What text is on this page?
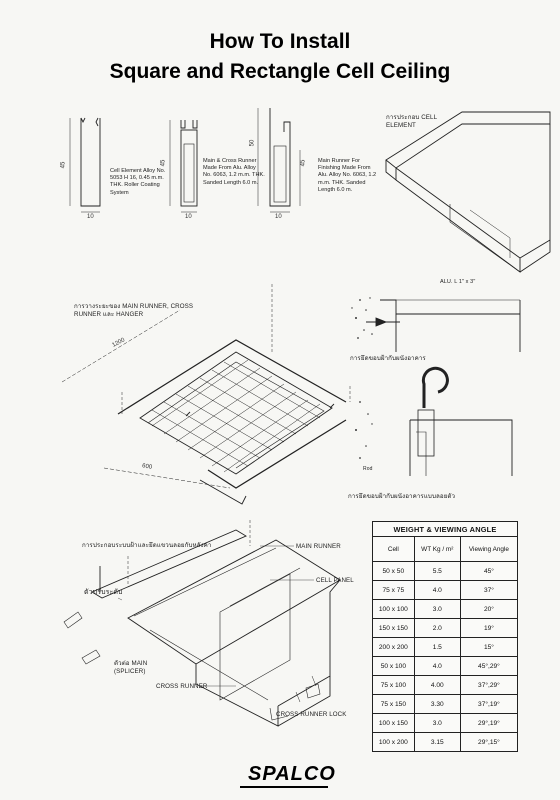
How To Install
Square and Rectangle Cell Ceiling
45
10
Cell Element Alloy No. 5053 H 16, 0.45 m.m. THK. Roller Coating System
45
10
Main & Cross Runner Made From Alu. Alloy No. 6063, 1.2 m.m. THK. Sanded Length 6.0 m.
50
45
10
Main Runner For Finishing Made From Alu. Alloy No. 6063, 1.2 m.m. THK. Sanded Length 6.0 m.
การประกอบ CELL ELEMENT
การวางระยะของ MAIN RUNNER, CROSS RUNNER และ HANGER
1200
600
ALU. L 1" x 3"
การยึดขอบฝ้ากับผนังอาคาร
Rod
การยึดขอบฝ้ากับผนังอาคารแบบลอยตัว
การประกอบระบบฝ้าและยึดแขวนลอยกับหลังคา	MAIN RUNNER
CELL PANEL
ตัวปรับระดับ
ตัวต่อ MAIN (SPLICER)
CROSS RUNNER
CROSS RUNNER LOCK
WEIGHT & VIEWING ANGLE		
Cell	WT Kg / m²	Viewing Angle
50 x 50	5.5	45°
75 x 75	4.0	37°
100 x 100	3.0	20°
150 x 150	2.0	19°
200 x 200	1.5	15°
50 x 100	4.0	45°,29°
75 x 100	4.00	37°,29°
75 x 150	3.30	37°,19°
100 x 150	3.0	29°,19°
100 x 200	3.15	29°,15°
SPALCO
